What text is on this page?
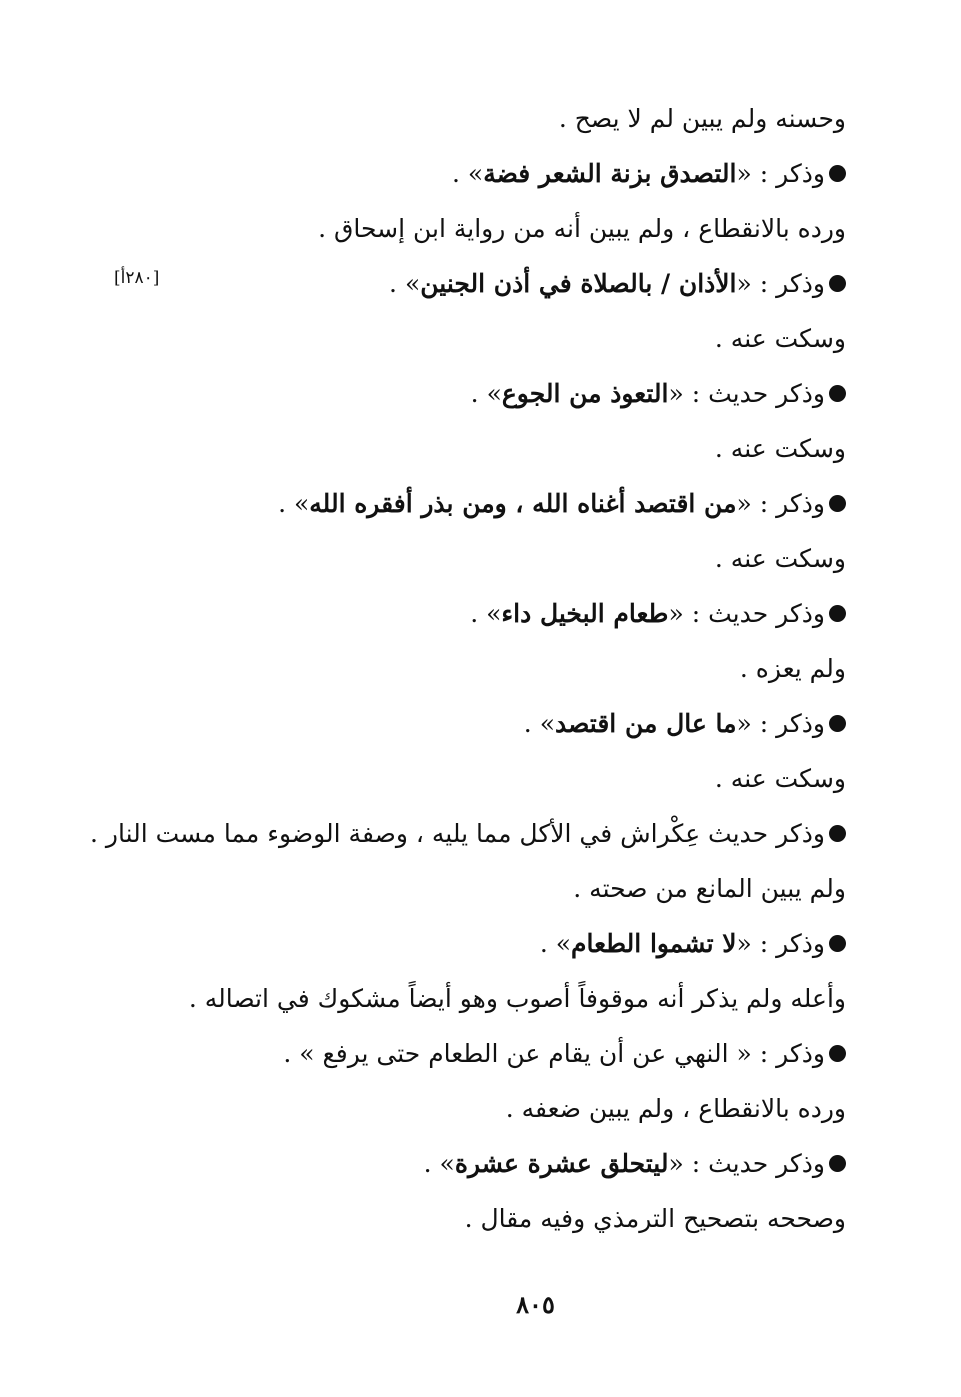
[٢٨٠أ]
وحسنه ولم يبين لم لا يصح .
وذكر : «التصدق بزنة الشعر فضة» .
ورده بالانقطاع ، ولم يبين أنه من رواية ابن إسحاق .
وذكر : «الأذان / بالصلاة في أذن الجنين» .
وسكت عنه .
وذكر حديث : «التعوذ من الجوع» .
وسكت عنه .
وذكر : «من اقتصد أغناه الله ، ومن بذر أفقره الله» .
وسكت عنه .
وذكر حديث : «طعام البخيل داء» .
ولم يعزه .
وذكر : «ما عال من اقتصد» .
وسكت عنه .
وذكر حديث عِكْراش في الأكل مما يليه ، وصفة الوضوء مما مست النار .
ولم يبين المانع من صحته .
وذكر : «لا تشموا الطعام» .
وأعله ولم يذكر أنه موقوفاً أصوب وهو أيضاً مشكوك في اتصاله .
وذكر : « النهي عن أن يقام عن الطعام حتى يرفع » .
ورده بالانقطاع ، ولم يبين ضعفه .
وذكر حديث : «ليتحلق عشرة عشرة» .
وصححه بتصحيح الترمذي وفيه مقال .
٨٠٥
